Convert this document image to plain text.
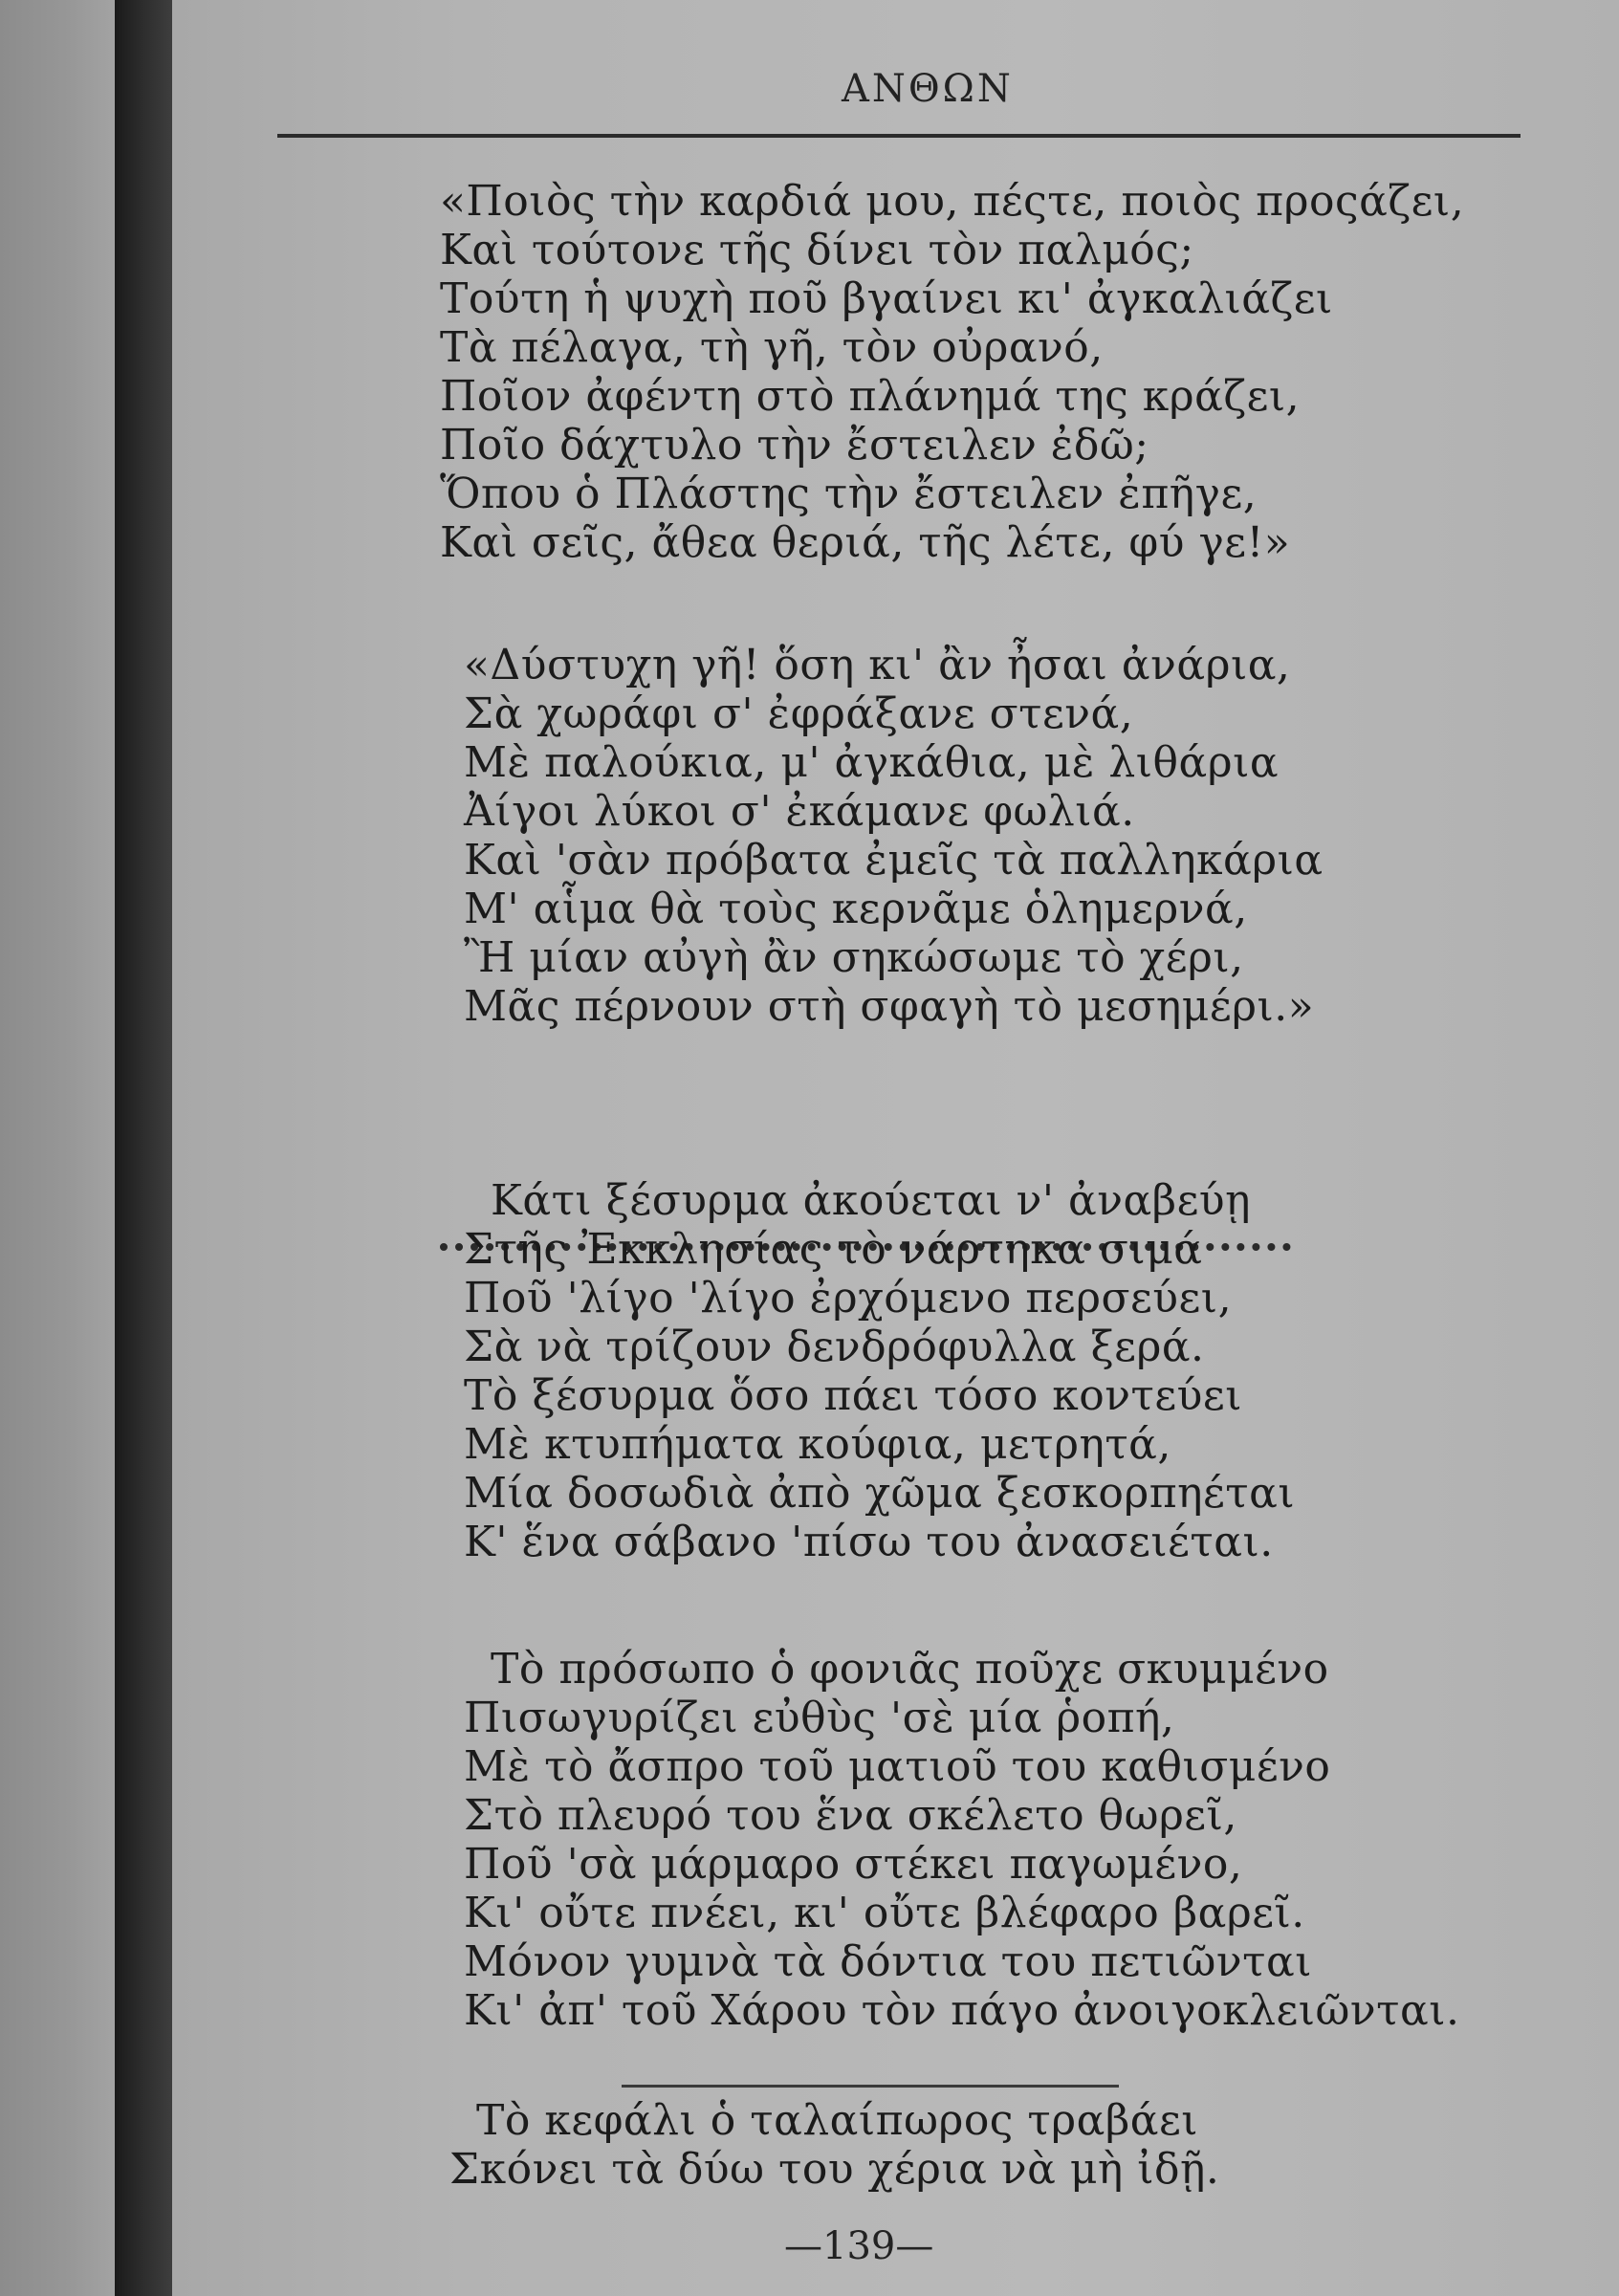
ΑΝΘΩΝ
«Ποιὸς τὴν καρδιά μου, πέςτε, ποιὸς προςάζει,
Καὶ τούτονε τῆς δίνει τὸν παλμός;
Τούτη ἡ ψυχὴ ποῦ βγαίνει κι' ἀγκαλιάζει
Τὰ πέλαγα, τὴ γῆ, τὸν οὐρανό,
Ποῖον ἀφέντη στὸ πλάνημά της κράζει,
Ποῖο δάχτυλο τὴν ἔστειλεν ἐδῶ;
Ὅπου ὁ Πλάστης τὴν ἔστειλεν ἐπῆγε,
Καὶ σεῖς, ἄθεα θεριά, τῆς λέτε, φύ γε!»
«Δύστυχη γῆ! ὅση κι' ἂν ἦσαι ἀνάρια,
Σὰ χωράφι σ' ἐφράξανε στενά,
Μὲ παλούκια, μ' ἀγκάθια, μὲ λιθάρια
Ἀίγοι λύκοι σ' ἐκάμανε φωλιά.
Καὶ 'σὰν πρόβατα ἐμεῖς τὰ παλληκάρια
Μ' αἷμα θὰ τοὺς κερνᾶμε ὁλημερνά,
Ἢ μίαν αὐγὴ ἂν σηκώσωμε τὸ χέρι,
Μᾶς πέρνουν στὴ σφαγὴ τὸ μεσημέρι.»
Κάτι ξέσυρμα ἀκούεται ν' ἀναβεύῃ
Στῆς Ἐκκλησίας τὸ νάρτηκα σιμά
Ποῦ 'λίγο 'λίγο ἐρχόμενο περσεύει,
Σὰ νὰ τρίζουν δενδρόφυλλα ξερά.
Τὸ ξέσυρμα ὅσο πάει τόσο κοντεύει
Μὲ κτυπήματα κούφια, μετρητά,
Μία δοσωδιὰ ἀπὸ χῶμα ξεσκορπηέται
Κ' ἕνα σάβανο 'πίσω του ἀνασειέται.
Τὸ πρόσωπο ὁ φονιᾶς ποῦχε σκυμμένο
Πισωγυρίζει εὐθὺς 'σὲ μία ῥοπή,
Μὲ τὸ ἄσπρο τοῦ ματιοῦ του καθισμένο
Στὸ πλευρό του ἕνα σκέλετο θωρεῖ,
Ποῦ 'σὰ μάρμαρο στέκει παγωμένο,
Κι' οὔτε πνέει, κι' οὔτε βλέφαρο βαρεῖ.
Μόνον γυμνὰ τὰ δόντια του πετιῶνται
Κι' ἀπ' τοῦ Χάρου τὸν πάγο ἀνοιγοκλειῶνται.
Τὸ κεφάλι ὁ ταλαίπωρος τραβάει
Σκόνει τὰ δύω του χέρια νὰ μὴ ἰδῇ.
—139—
